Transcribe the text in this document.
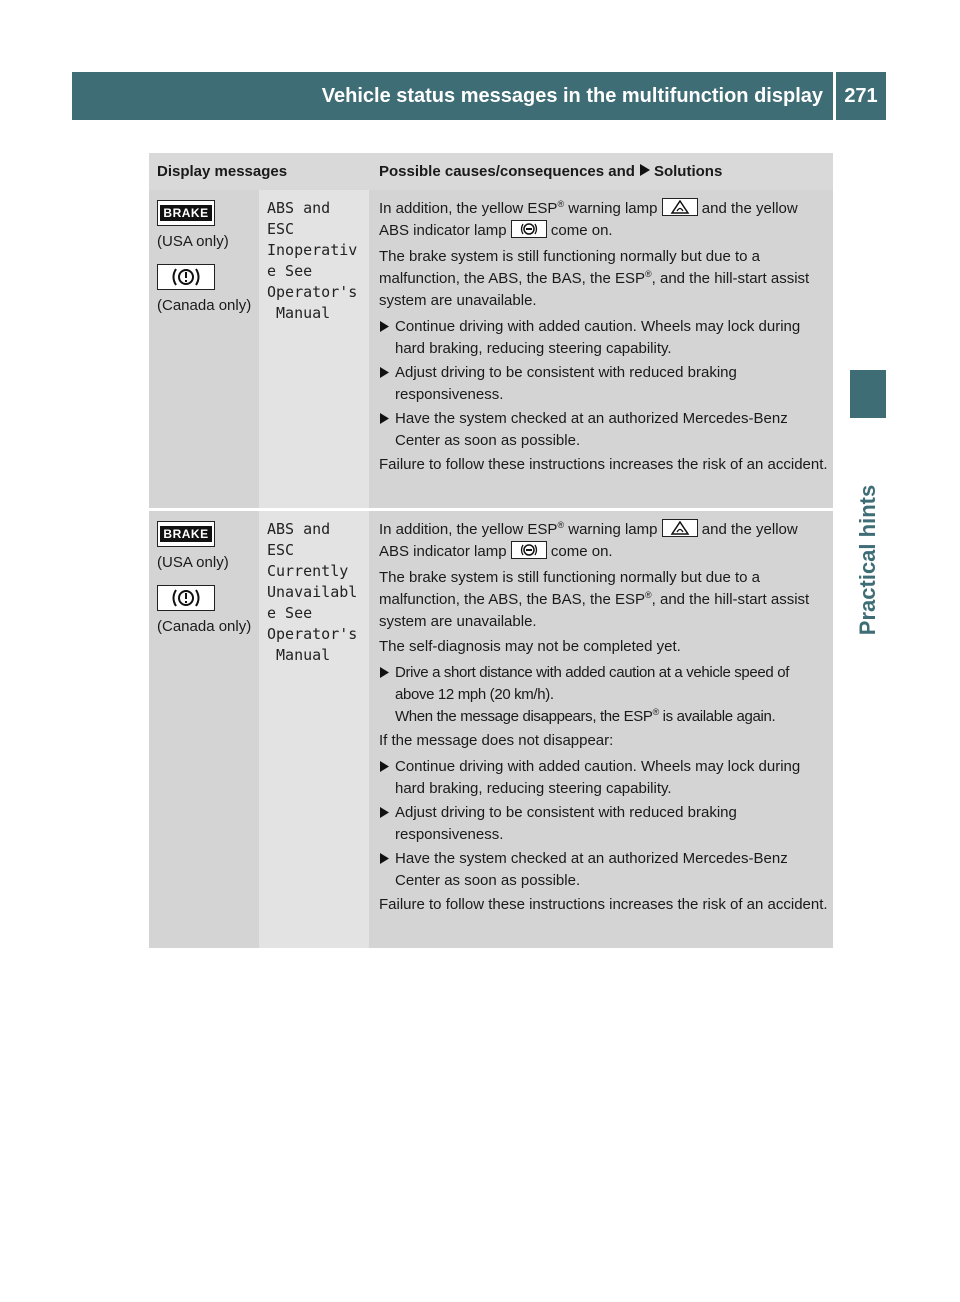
Vehicle status messages in the multifunction display	271
Practical hints
Display messages	Possible causes/consequences and Solutions
BRAKE
(USA only)
(Canada only)
ABS and
ESC
Inoperativ
e See
Operator's
Manual
In addition, the yellow ESP® warning lamp
and the yellow ABS indicator lamp
come on.
The brake system is still functioning normally but due to a malfunction, the ABS, the BAS, the ESP®, and the hill-start assist system are unavailable.
Continue driving with added caution. Wheels may lock during hard braking, reducing steering capability.
Adjust driving to be consistent with reduced braking responsiveness.
Have the system checked at an authorized Mercedes-Benz Center as soon as possible.
Failure to follow these instructions increases the risk of an accident.
BRAKE
(USA only)
(Canada only)
ABS and
ESC
Currently
Unavailabl
e See
Operator's
Manual
In addition, the yellow ESP® warning lamp
and the yellow ABS indicator lamp
come on.
The brake system is still functioning normally but due to a malfunction, the ABS, the BAS, the ESP®, and the hill-start assist system are unavailable.
The self-diagnosis may not be completed yet.
Drive a short distance with added caution at a vehicle speed of above 12 mph (20 km/h).
When the message disappears, the ESP® is available again.
If the message does not disappear:
Continue driving with added caution. Wheels may lock during hard braking, reducing steering capability.
Adjust driving to be consistent with reduced braking responsiveness.
Have the system checked at an authorized Mercedes-Benz Center as soon as possible.
Failure to follow these instructions increases the risk of an accident.
